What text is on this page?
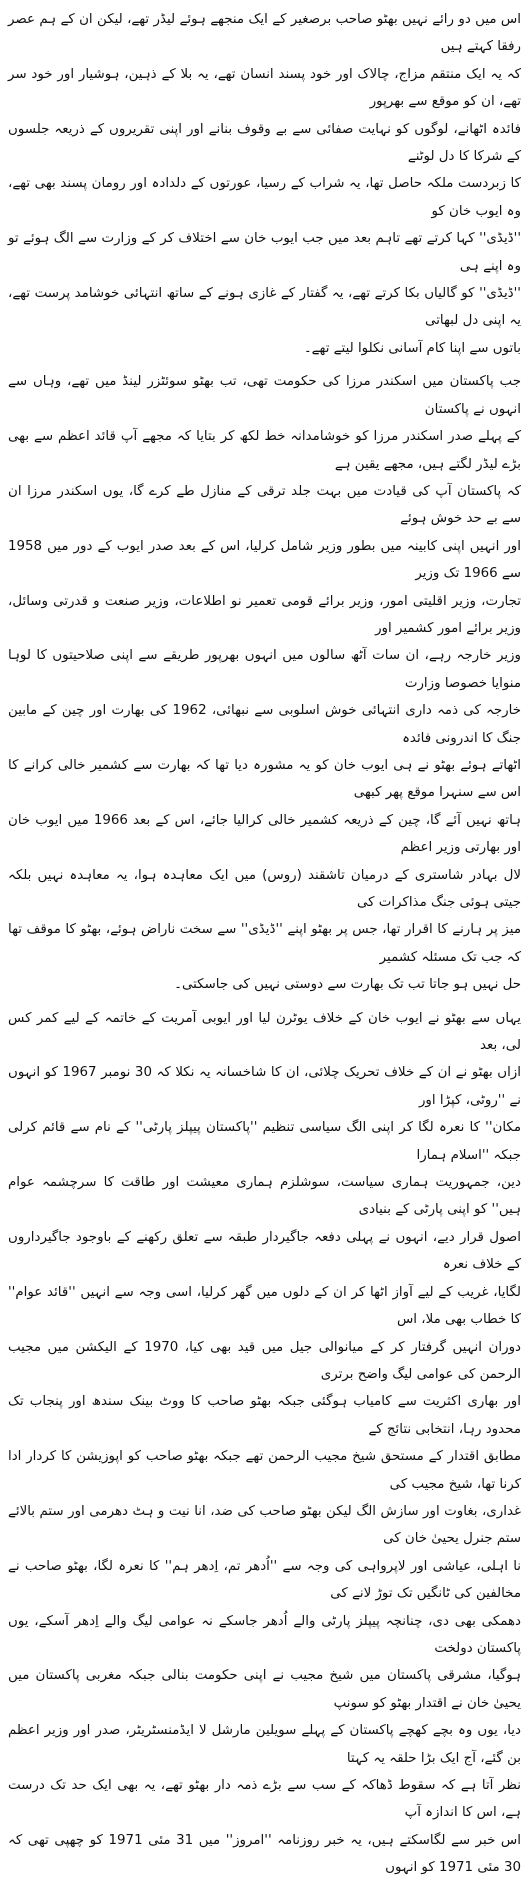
اس میں دو رائے نہیں بھٹو صاحب برصغیر کے ایک منجھے ہوئے لیڈر تھے، لیکن ان کے ہم عصر رفقا کہتے ہیں
کہ یہ ایک منتقم مزاج، چالاک اور خود پسند انسان تھے، یہ بلا کے ذہین، ہوشیار اور خود سر تھے، ان کو موقع سے بھرپور
فائدہ اٹھانے، لوگوں کو نہایت صفائی سے بے وقوف بنانے اور اپنی تقریروں کے ذریعہ جلسوں کے شرکا کا دل لوٹنے
کا زبردست ملکہ حاصل تھا، یہ شراب کے رسیا، عورتوں کے دلدادہ اور رومان پسند بھی تھے، وہ ایوب خان کو
''ڈیڈی'' کہا کرتے تھے تاہم بعد میں جب ایوب خان سے اختلاف کر کے وزارت سے الگ ہوئے تو وہ اپنے ہی
''ڈیڈی'' کو گالیاں بکا کرتے تھے، یہ گفتار کے غازی ہونے کے ساتھ انتہائی خوشامد پرست تھے، یہ اپنی دل لبھاتی
باتوں سے اپنا کام آسانی نکلوا لیتے تھے۔

جب پاکستان میں اسکندر مرزا کی حکومت تھی، تب بھٹو سوئٹزر لینڈ میں تھے، وہاں سے انہوں نے پاکستان
کے پہلے صدر اسکندر مرزا کو خوشامدانہ خط لکھ کر بتایا کہ مجھے آپ قائد اعظم سے بھی بڑے لیڈر لگتے ہیں، مجھے یقین ہے
کہ پاکستان آپ کی قیادت میں بہت جلد ترقی کے منازل طے کرے گا، یوں اسکندر مرزا ان سے بے حد خوش ہوئے
اور انہیں اپنی کابینہ میں بطور وزیر شامل کرلیا، اس کے بعد صدر ایوب کے دور میں 1958 سے 1966 تک وزیر
تجارت، وزیر اقلیتی امور، وزیر برائے قومی تعمیر نو اطلاعات، وزیر صنعت و قدرتی وسائل، وزیر برائے امور کشمیر اور
وزیر خارجہ رہے، ان سات آٹھ سالوں میں انہوں بھرپور طریقے سے اپنی صلاحیتوں کا لوہا منوایا خصوصا وزارت
خارجہ کی ذمہ داری انتہائی خوش اسلوبی سے نبھائی، 1962 کی بھارت اور چین کے مابین جنگ کا اندرونی فائدہ
اٹھاتے ہوئے بھٹو نے ہی ایوب خان کو یہ مشورہ دیا تھا کہ بھارت سے کشمیر خالی کرانے کا اس سے سنہرا موقع پھر کبھی
ہاتھ نہیں آئے گا، چین کے ذریعہ کشمیر خالی کرالیا جائے، اس کے بعد 1966 میں ایوب خان اور بھارتی وزیر اعظم
لال بہادر شاستری کے درمیان تاشقند (روس) میں ایک معاہدہ ہوا، یہ معاہدہ نہیں بلکہ جیتی ہوئی جنگ مذاکرات کی
میز پر ہارنے کا اقرار تھا، جس پر بھٹو اپنے ''ڈیڈی'' سے سخت ناراض ہوئے، بھٹو کا موقف تھا کہ جب تک مسئلہ کشمیر
حل نہیں ہو جاتا تب تک بھارت سے دوستی نہیں کی جاسکتی۔

یہاں سے بھٹو نے ایوب خان کے خلاف یوٹرن لیا اور ایوبی آمریت کے خاتمہ کے لیے کمر کس لی، بعد
ازاں بھٹو نے ان کے خلاف تحریک چلائی، ان کا شاخسانہ یہ نکلا کہ 30 نومبر 1967 کو انہوں نے ''روٹی، کپڑا اور
مکان'' کا نعرہ لگا کر اپنی الگ سیاسی تنظیم ''پاکستان پیپلز پارٹی'' کے نام سے قائم کرلی جبکہ ''اسلام ہمارا
دین، جمہوریت ہماری سیاست، سوشلزم ہماری معیشت اور طاقت کا سرچشمہ عوام ہیں'' کو اپنی پارٹی کے بنیادی
اصول قرار دیے، انہوں نے پہلی دفعہ جاگیردار طبقہ سے تعلق رکھنے کے باوجود جاگیرداروں کے خلاف نعرہ
لگایا، غریب کے لیے آواز اٹھا کر ان کے دلوں میں گھر کرلیا، اسی وجہ سے انہیں ''قائد عوام'' کا خطاب بھی ملا، اس
دوران انہیں گرفتار کر کے میانوالی جیل میں قید بھی کیا، 1970 کے الیکشن میں مجیب الرحمن کی عوامی لیگ واضح برتری
اور بھاری اکثریت سے کامیاب ہوگئی جبکہ بھٹو صاحب کا ووٹ بینک سندھ اور پنجاب تک محدود رہا، انتخابی نتائج کے
مطابق اقتدار کے مستحق شیخ مجیب الرحمن تھے جبکہ بھٹو صاحب کو اپوزیشن کا کردار ادا کرنا تھا، شیخ مجیب کی
غداری، بغاوت اور سازش الگ لیکن بھٹو صاحب کی ضد، انا نیت و ہٹ دھرمی اور ستم بالائے ستم جنرل یحییٰ خان کی
نا اہلی، عیاشی اور لاپرواہی کی وجہ سے ''اُدھر تم، اِدھر ہم'' کا نعرہ لگا، بھٹو صاحب نے مخالفین کی ٹانگیں تک توڑ لانے کی
دھمکی بھی دی، چنانچہ پیپلز پارٹی والے اُدھر جاسکے نہ عوامی لیگ والے اِدھر آسکے، یوں پاکستان دولخت
ہوگیا، مشرقی پاکستان میں شیخ مجیب نے اپنی حکومت بنالی جبکہ مغربی پاکستان میں یحییٰ خان نے اقتدار بھٹو کو سونپ
دیا، یوں وہ بچے کھچے پاکستان کے پہلے سویلین مارشل لا ایڈمنسٹریٹر، صدر اور وزیر اعظم بن گئے، آج ایک بڑا حلقہ یہ کہتا
نظر آتا ہے کہ سقوط ڈھاکہ کے سب سے بڑے ذمہ دار بھٹو تھے، یہ بھی ایک حد تک درست ہے، اس کا اندازہ آپ
اس خبر سے لگاسکتے ہیں، یہ خبر روزنامہ ''امروز'' میں 31 مئی 1971 کو چھپی تھی کہ 30 مئی 1971 کو انہوں
